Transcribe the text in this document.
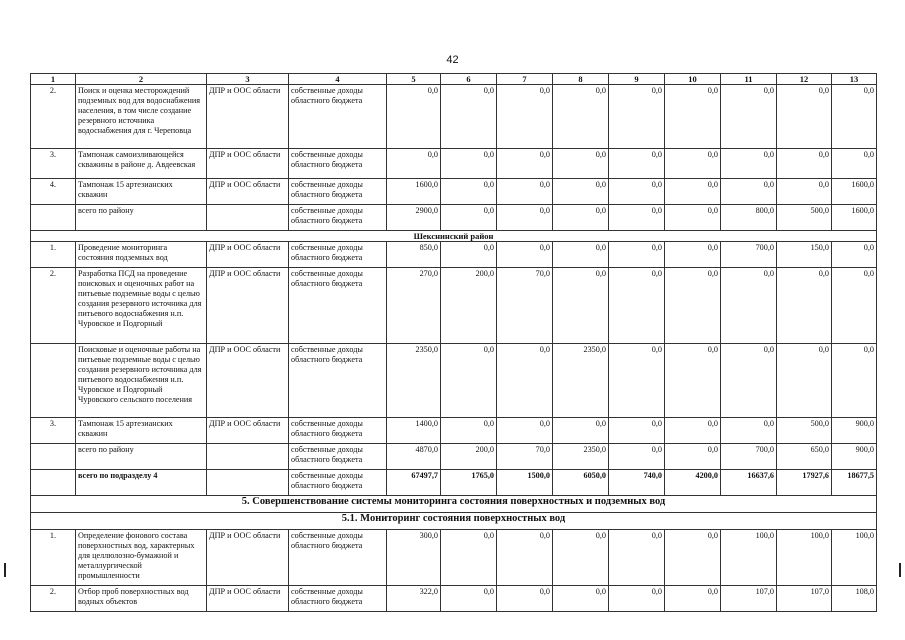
42
1	2	3	4	5	6	7	8	9	10	11	12	13
2.	Поиск и оценка месторождений подземных вод для водоснабжения населения, в том числе создание резервного источника водоснабжения для г. Череповца	ДПР и ООС области	собственные доходы областного бюджета	0,0	0,0	0,0	0,0	0,0	0,0	0,0	0,0	0,0
3.	Тампонаж самоизливающейся скважины в районе д. Авдеевская	ДПР и ООС области	собственные доходы областного бюджета	0,0	0,0	0,0	0,0	0,0	0,0	0,0	0,0	0,0
4.	Тампонаж 15 артезианских скважин	ДПР и ООС области	собственные доходы областного бюджета	1600,0	0,0	0,0	0,0	0,0	0,0	0,0	0,0	1600,0
	всего по району		собственные доходы областного бюджета	2900,0	0,0	0,0	0,0	0,0	0,0	800,0	500,0	1600,0
Шекснинский район												
1.	Проведение мониторинга состояния подземных вод	ДПР и ООС области	собственные доходы областного бюджета	850,0	0,0	0,0	0,0	0,0	0,0	700,0	150,0	0,0
2.	Разработка ПСД на проведение поисковых и оценочных работ на питьевые подземные воды с целью создания резервного источника для питьевого водоснабжения н.п. Чуровское и Подгорный	ДПР и ООС области	собственные доходы областного бюджета	270,0	200,0	70,0	0,0	0,0	0,0	0,0	0,0	0,0
	Поисковые и оценочные работы на питьевые подземные воды с целью создания резервного источника для питьевого водоснабжения н.п. Чуровское и Подгорный Чуровского сельского поселения	ДПР и ООС области	собственные доходы областного бюджета	2350,0	0,0	0,0	2350,0	0,0	0,0	0,0	0,0	0,0
3.	Тампонаж 15 артезианских скважин	ДПР и ООС области	собственные доходы областного бюджета	1400,0	0,0	0,0	0,0	0,0	0,0	0,0	500,0	900,0
	всего по району		собственные доходы областного бюджета	4870,0	200,0	70,0	2350,0	0,0	0,0	700,0	650,0	900,0
	всего по подразделу 4		собственные доходы областного бюджета	67497,7	1765,0	1500,0	6050,0	740,0	4200,0	16637,6	17927,6	18677,5
5. Совершенствование системы мониторинга состояния поверхностных и подземных вод												
5.1. Мониторинг состояния поверхностных вод												
1.	Определение фонового состава поверхностных вод, характерных для целлюлозно-бумажной и металлургической промышленности	ДПР и ООС области	собственные доходы областного бюджета	300,0	0,0	0,0	0,0	0,0	0,0	100,0	100,0	100,0
2.	Отбор проб поверхностных вод водных объектов	ДПР и ООС области	собственные доходы областного бюджета	322,0	0,0	0,0	0,0	0,0	0,0	107,0	107,0	108,0
